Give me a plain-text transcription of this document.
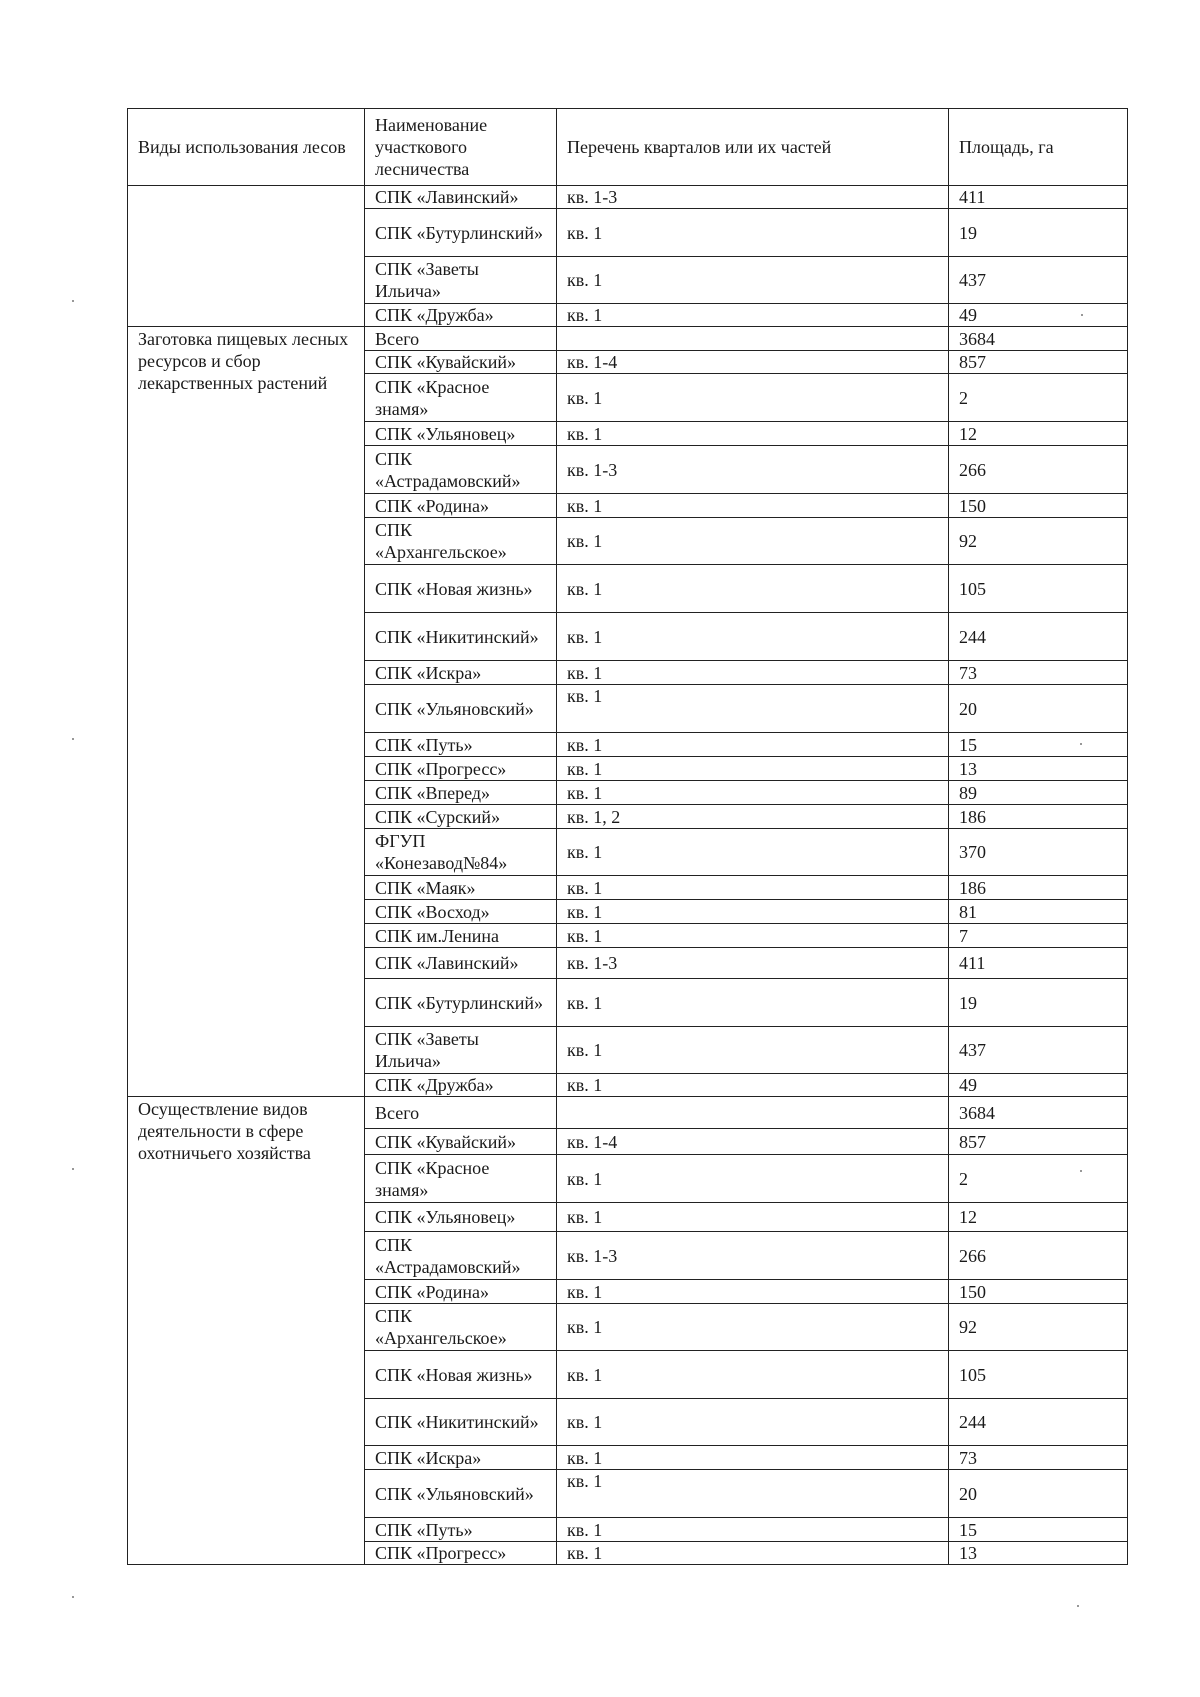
Виды использования лесов	Наименование участкового лесничества	Перечень кварталов или их частей	Площадь, га
	СПК «Лавинский»	кв. 1-3	411
	СПК «Бутурлинский»	кв. 1	19
	СПК «Заветы Ильича»	кв. 1	437
	СПК «Дружба»	кв. 1	49
Заготовка пищевых лесных ресурсов и сбор лекарственных растений	Всего		3684
	СПК «Кувайский»	кв. 1-4	857
	СПК «Красное знамя»	кв. 1	2
	СПК «Ульяновец»	кв. 1	12
	СПК «Астрадамовский»	кв. 1-3	266
	СПК «Родина»	кв. 1	150
	СПК «Архангельское»	кв. 1	92
	СПК «Новая жизнь»	кв. 1	105
	СПК «Никитинский»	кв. 1	244
	СПК «Искра»	кв. 1	73
	СПК «Ульяновский»	кв. 1	20
	СПК «Путь»	кв. 1	15
	СПК «Прогресс»	кв. 1	13
	СПК «Вперед»	кв. 1	89
	СПК «Сурский»	кв. 1, 2	186
	ФГУП «Конезавод№84»	кв. 1	370
	СПК «Маяк»	кв. 1	186
	СПК «Восход»	кв. 1	81
	СПК им.Ленина	кв. 1	7
	СПК «Лавинский»	кв. 1-3	411
	СПК «Бутурлинский»	кв. 1	19
	СПК «Заветы Ильича»	кв. 1	437
	СПК «Дружба»	кв. 1	49
Осуществление видов деятельности в сфере охотничьего хозяйства	Всего		3684
	СПК «Кувайский»	кв. 1-4	857
	СПК «Красное знамя»	кв. 1	2
	СПК «Ульяновец»	кв. 1	12
	СПК «Астрадамовский»	кв. 1-3	266
	СПК «Родина»	кв. 1	150
	СПК «Архангельское»	кв. 1	92
	СПК «Новая жизнь»	кв. 1	105
	СПК «Никитинский»	кв. 1	244
	СПК «Искра»	кв. 1	73
	СПК «Ульяновский»	кв. 1	20
	СПК «Путь»	кв. 1	15
	СПК «Прогресс»	кв. 1	13
